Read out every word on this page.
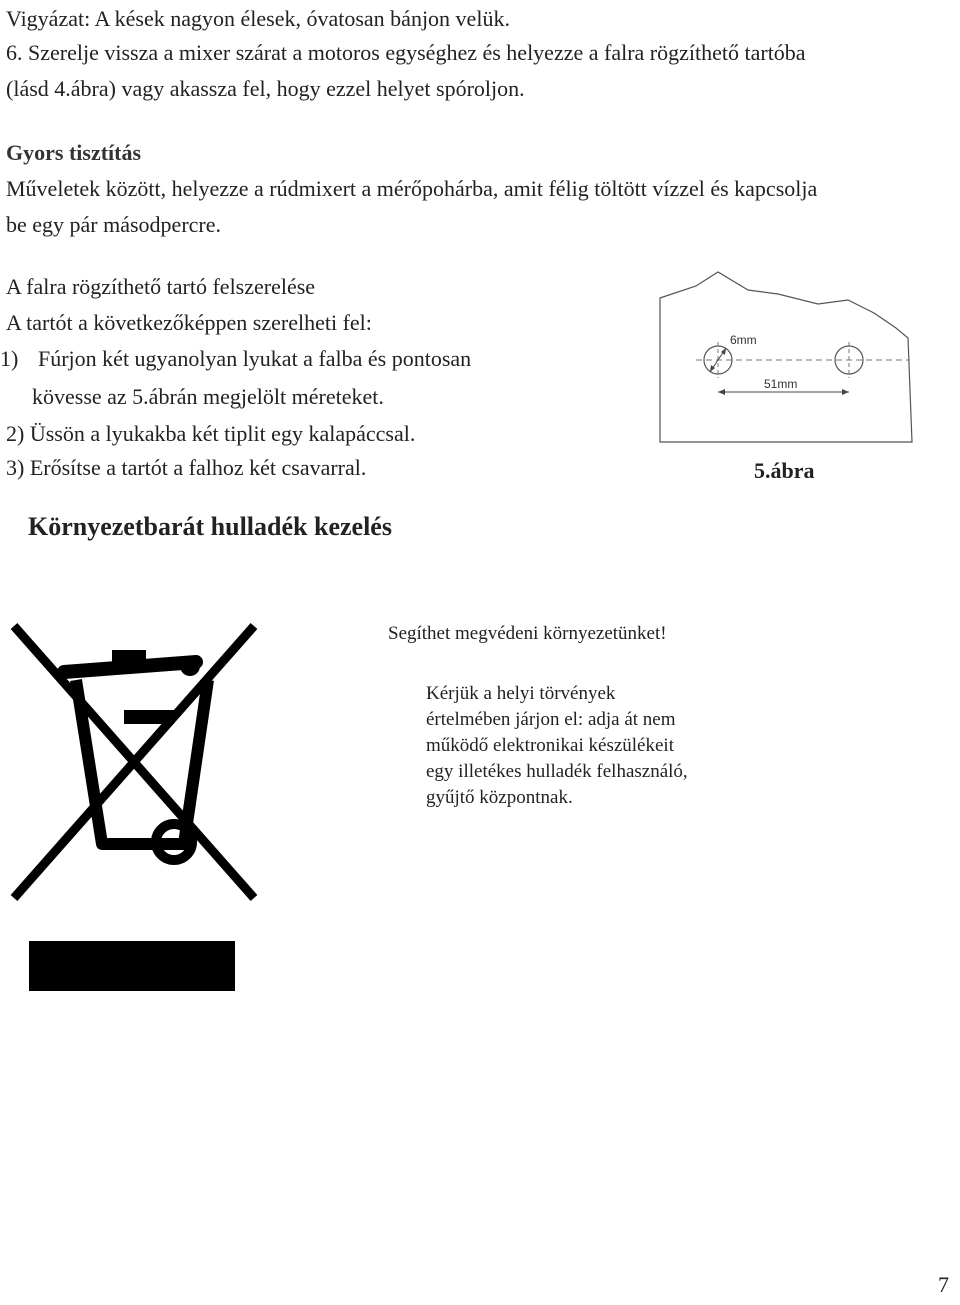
Vigyázat: A kések nagyon élesek, óvatosan bánjon velük.
6. Szerelje vissza a mixer szárat a motoros egységhez és helyezze a falra rögzíthető tartóba
(lásd 4.ábra) vagy akassza fel, hogy ezzel helyet spóroljon.
Gyors tisztítás
Műveletek között, helyezze a rúdmixert a mérőpohárba, amit félig töltött vízzel és kapcsolja
be egy pár másodpercre.
A falra rögzíthető tartó felszerelése
A tartót a következőképpen szerelheti fel:
1) Fúrjon két ugyanolyan lyukat a falba és pontosan
kövesse az 5.ábrán megjelölt méreteket.
2) Üssön a lyukakba két tiplit egy kalapáccsal.
3) Erősítse a tartót a falhoz két csavarral.
6mm
51mm
5.ábra
Környezetbarát hulladék kezelés
Segíthet megvédeni környezetünket!
Kérjük a helyi törvények
értelmében járjon el: adja át nem
működő elektronikai készülékeit
egy illetékes hulladék felhasználó,
gyűjtő központnak.
7
